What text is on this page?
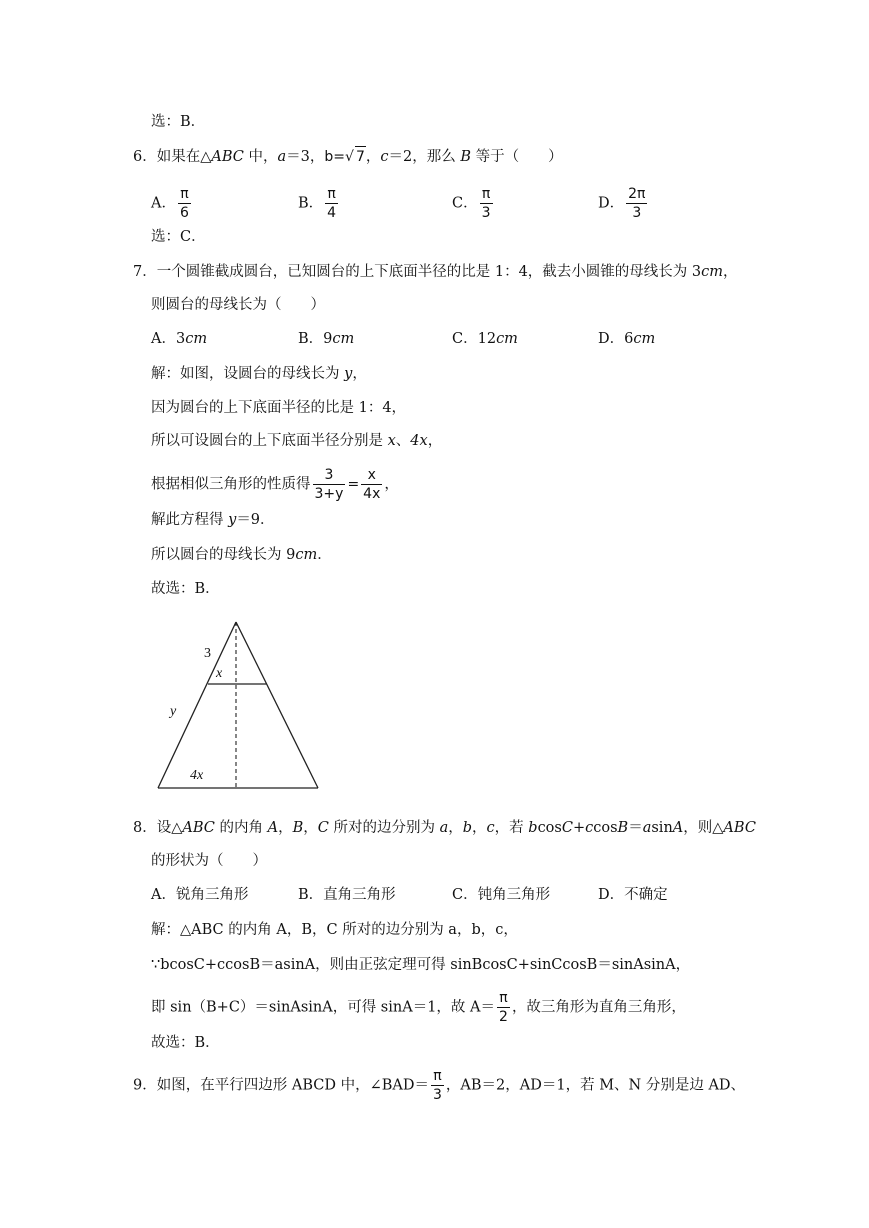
选：B．
6．如果在△ABC 中，a＝3，b=√ 7，c＝2，那么 B 等于（　　）
A． $\frac{\pi}{6}$	B． $\frac{\pi}{4}$	C． $\frac{\pi}{3}$	D． $\frac{2\pi}{3}$
选：C．
7．一个圆锥截成圆台，已知圆台的上下底面半径的比是 1：4，截去小圆锥的母线长为 3cm，
则圆台的母线长为（　　）
A．3cm	B．9cm	C．12cm	D．6cm
解：如图，设圆台的母线长为 y，
因为圆台的上下底面半径的比是 1：4，
所以可设圆台的上下底面半径分别是 x、4x，
根据相似三角形的性质得 $\frac{3}{3+y} = \frac{x}{4x}$ ，
解此方程得 y＝9．
所以圆台的母线长为 9cm．
故选：B．
3
x
y
4x
8．设△ABC 的内角 A，B，C 所对的边分别为 a，b，c，若 bcosC+ccosB＝asinA，则△ABC
的形状为（　　）
A．锐角三角形	B．直角三角形	C．钝角三角形	D．不确定
解：△ABC 的内角 A，B，C 所对的边分别为 a，b，c，
∵bcosC+ccosB＝asinA，则由正弦定理可得 sinBcosC+sinCcosB＝sinAsinA，
即 sin（B+C）＝sinAsinA，可得 sinA＝1，故 $A= \frac{\pi}{2}$ ，故三角形为直角三角形，
故选：B．
9．如图，在平行四边形 ABCD 中，∠BAD＝ $\frac{\pi}{3}$ ，AB＝2，AD＝1，若 M、N 分别是边 AD、
